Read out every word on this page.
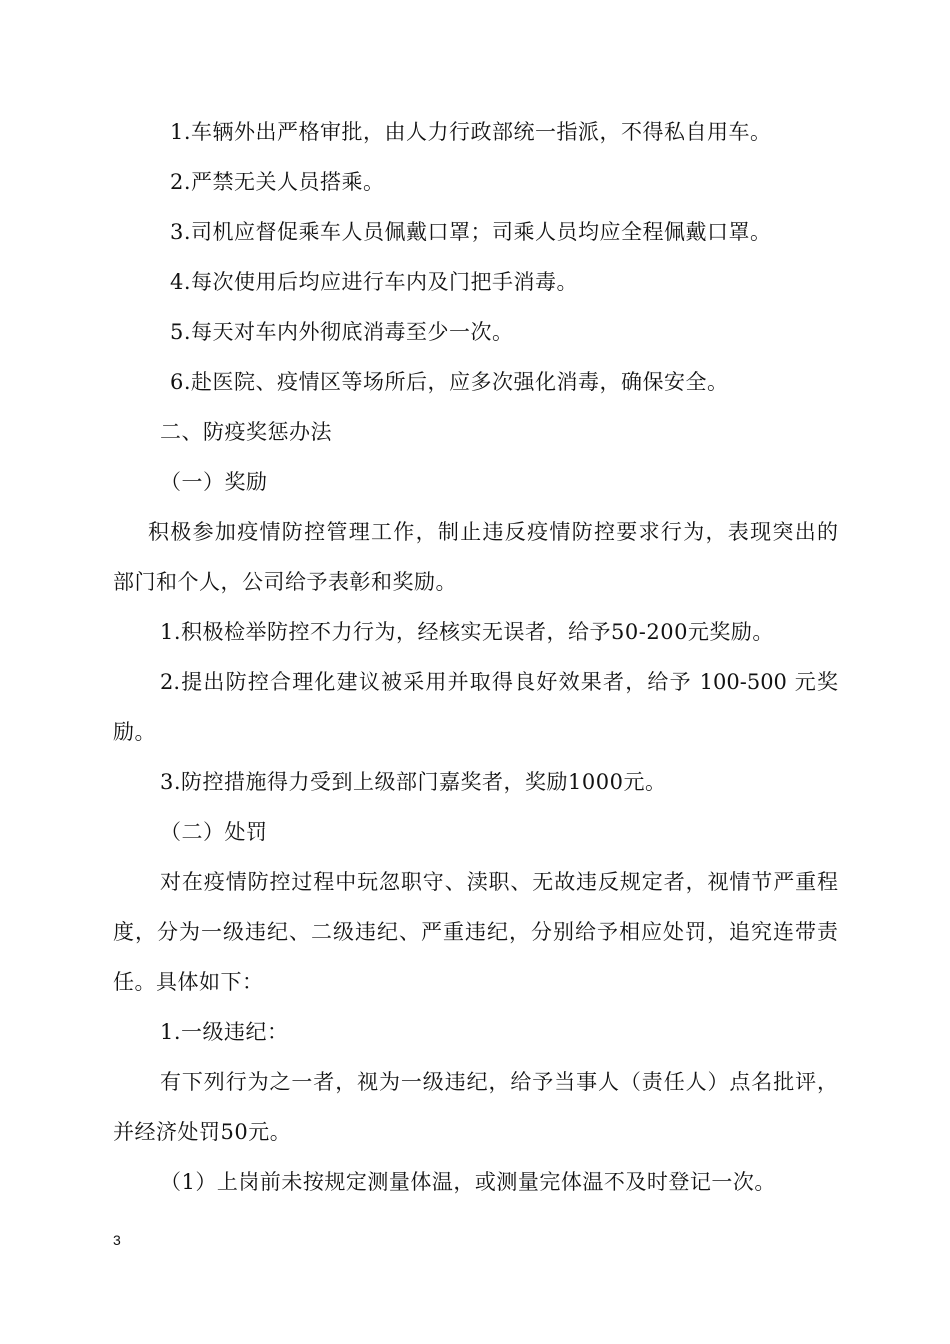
1.车辆外出严格审批，由人力行政部统一指派，不得私自用车。
2.严禁无关人员搭乘。
3.司机应督促乘车人员佩戴口罩；司乘人员均应全程佩戴口罩。
4.每次使用后均应进行车内及门把手消毒。
5.每天对车内外彻底消毒至少一次。
6.赴医院、疫情区等场所后，应多次强化消毒，确保安全。
二、防疫奖惩办法
（一）奖励
积极参加疫情防控管理工作，制止违反疫情防控要求行为，表现突出的
部门和个人，公司给予表彰和奖励。
1.积极检举防控不力行为，经核实无误者，给予50-200元奖励。
2.提出防控合理化建议被采用并取得良好效果者，给予 100-500 元奖
励。
3.防控措施得力受到上级部门嘉奖者，奖励1000元。
（二）处罚
对在疫情防控过程中玩忽职守、渎职、无故违反规定者，视情节严重程
度，分为一级违纪、二级违纪、严重违纪，分别给予相应处罚，追究连带责
任。具体如下：
1.一级违纪：
有下列行为之一者，视为一级违纪，给予当事人（责任人）点名批评，
并经济处罚50元。
（1）上岗前未按规定测量体温，或测量完体温不及时登记一次。
3
